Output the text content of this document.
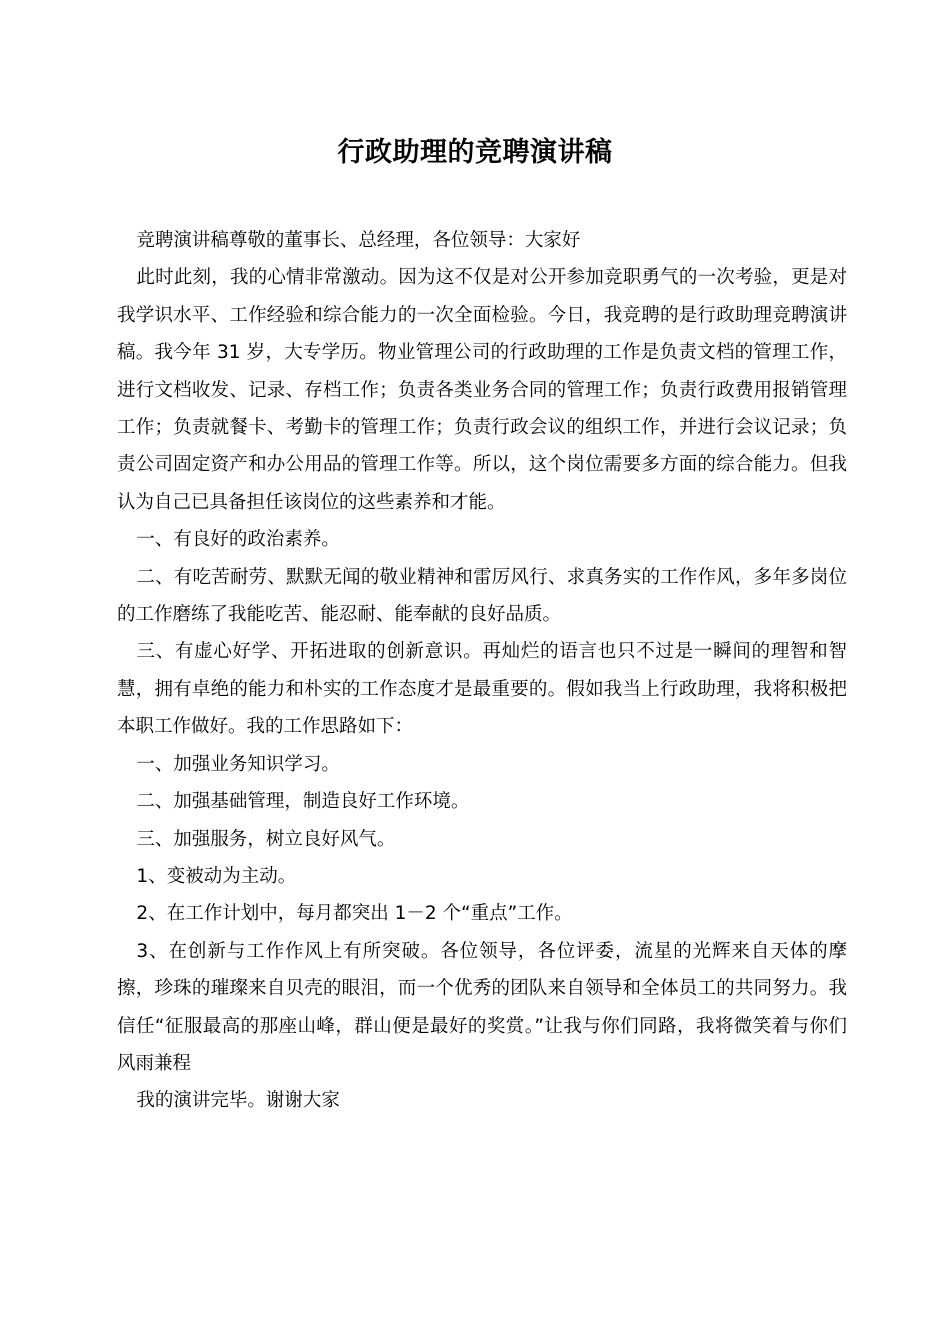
行政助理的竞聘演讲稿

竞聘演讲稿尊敬的董事长、总经理，各位领导：大家好

此时此刻，我的心情非常激动。因为这不仅是对公开参加竞职勇气的一次考验，更是对我学识水平、工作经验和综合能力的一次全面检验。今日，我竞聘的是行政助理竞聘演讲稿。我今年 31 岁，大专学历。物业管理公司的行政助理的工作是负责文档的管理工作，进行文档收发、记录、存档工作；负责各类业务合同的管理工作；负责行政费用报销管理工作；负责就餐卡、考勤卡的管理工作；负责行政会议的组织工作，并进行会议记录；负责公司固定资产和办公用品的管理工作等。所以，这个岗位需要多方面的综合能力。但我认为自己已具备担任该岗位的这些素养和才能。

一、有良好的政治素养。

二、有吃苦耐劳、默默无闻的敬业精神和雷厉风行、求真务实的工作作风，多年多岗位的工作磨练了我能吃苦、能忍耐、能奉献的良好品质。

三、有虚心好学、开拓进取的创新意识。再灿烂的语言也只不过是一瞬间的理智和智慧，拥有卓绝的能力和朴实的工作态度才是最重要的。假如我当上行政助理，我将积极把本职工作做好。我的工作思路如下：

一、加强业务知识学习。

二、加强基础管理，制造良好工作环境。

三、加强服务，树立良好风气。

1、变被动为主动。

2、在工作计划中，每月都突出 1－2 个“重点”工作。

3、在创新与工作作风上有所突破。各位领导，各位评委，流星的光辉来自天体的摩擦，珍珠的璀璨来自贝壳的眼泪，而一个优秀的团队来自领导和全体员工的共同努力。我信任“征服最高的那座山峰，群山便是最好的奖赏。”让我与你们同路，我将微笑着与你们风雨兼程

我的演讲完毕。谢谢大家
